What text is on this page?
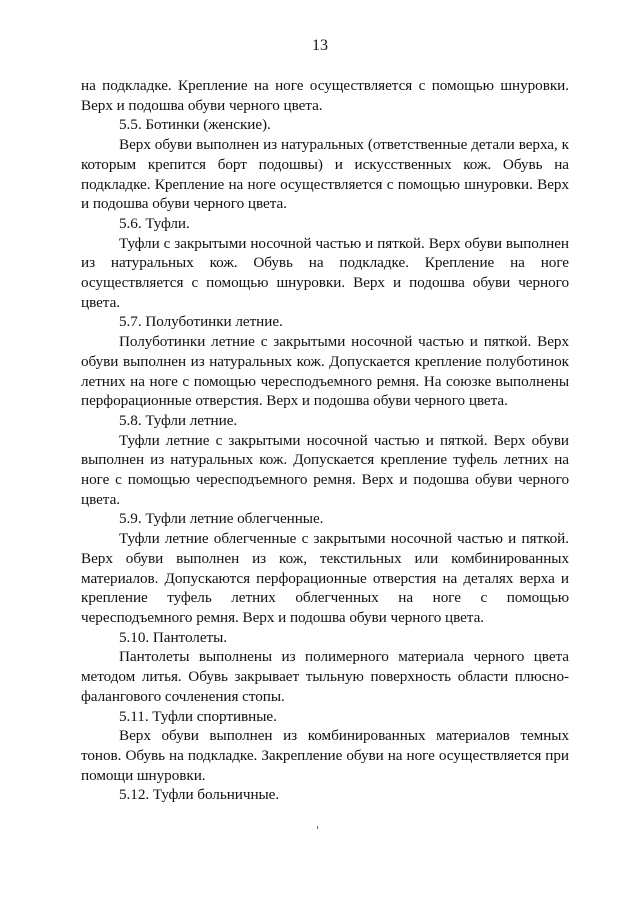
13

на подкладке. Крепление на ноге осуществляется с помощью шнуровки. Верх и подошва обуви черного цвета.

5.5. Ботинки (женские).

Верх обуви выполнен из натуральных (ответственные детали верха, к которым крепится борт подошвы) и искусственных кож. Обувь на подкладке. Крепление на ноге осуществляется с помощью шнуровки. Верх и подошва обуви черного цвета.

5.6. Туфли.

Туфли с закрытыми носочной частью и пяткой. Верх обуви выполнен из натуральных кож. Обувь на подкладке. Крепление на ноге осуществляется с помощью шнуровки. Верх и подошва обуви черного цвета.

5.7. Полуботинки летние.

Полуботинки летние с закрытыми носочной частью и пяткой. Верх обуви выполнен из натуральных кож. Допускается крепление полуботинок летних на ноге с помощью чересподъемного ремня. На союзке выполнены перфорационные отверстия. Верх и подошва обуви черного цвета.

5.8. Туфли летние.

Туфли летние с закрытыми носочной частью и пяткой. Верх обуви выполнен из натуральных кож. Допускается крепление туфель летних на ноге с помощью чересподъемного ремня. Верх и подошва обуви черного цвета.

5.9. Туфли летние облегченные.

Туфли летние облегченные с закрытыми носочной частью и пяткой. Верх обуви выполнен из кож, текстильных или комбинированных материалов. Допускаются перфорационные отверстия на деталях верха и крепление туфель летних облегченных на ноге с помощью чересподъемного ремня. Верх и подошва обуви черного цвета.

5.10. Пантолеты.

Пантолеты выполнены из полимерного материала черного цвета методом литья. Обувь закрывает тыльную поверхность области плюсно-фалангового сочленения стопы.

5.11. Туфли спортивные.

Верх обуви выполнен из комбинированных материалов темных тонов. Обувь на подкладке. Закрепление обуви на ноге осуществляется при помощи шнуровки.

5.12. Туфли больничные.
